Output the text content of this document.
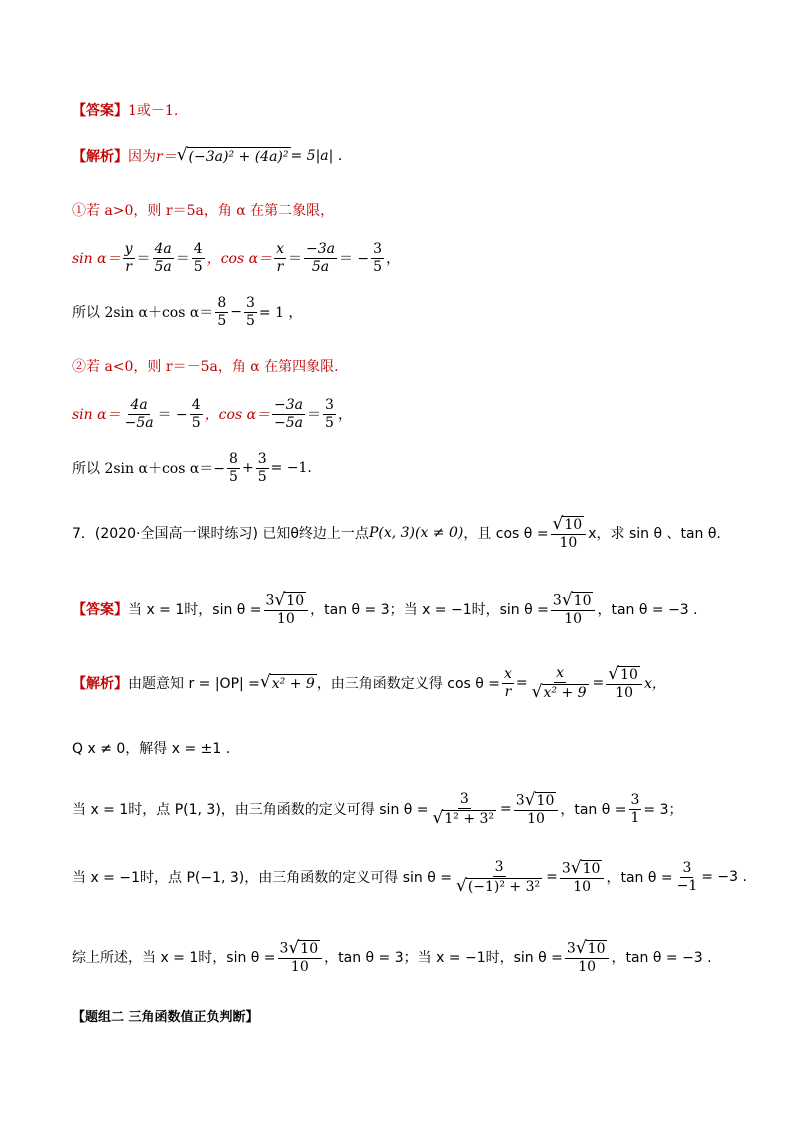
【答案】 1或－1.
【解析】 因为 r＝ √ (−3a)² + (4a)² = 5|a| .
①若 a>0，则 r＝5a，角 α 在第二象限，
$\sin \alpha= \frac{y}{r} = \frac{4a}{5a} = \frac{4}{5}$ ，$\cos \alpha= \frac{x}{r} = \frac{-3a}{5a}$ ＝ − $\frac{3}{5}$ ，
所以 2sin α＋cos $\alpha= \frac{8}{5} - \frac{3}{5} = 1$ ，
②若 a<0，则 r＝－5a，角 α 在第四象限.
$\sin \alpha= \frac{4a}{-5a}$ ＝ − $\frac{4}{5}$ ，$\cos \alpha= \frac{-3a}{-5a} = \frac{3}{5}$ ，
所以 2sin α＋cos $\alpha=- \frac{8}{5} + \frac{3}{5} = -1$.
7．(2020·全国高一课时练习) 已知θ终边上一点 P(x, 3)(x ≠ 0) ，且 $\cos \theta = \frac{√ 10}{10}$ x，求 sin θ 、tan θ.
【答案】 当 x = 1时，$\sin \theta = \frac{3 √ 10}{10}$ ，tan θ = 3；当 x = −1时，$\sin \theta = \frac{3 √ 10}{10}$ ，tan θ = −3 .
【解析】 由题意知 r = |OP| = √ x² + 9 ，由三角函数定义得 $\cos \theta = \frac{x}{r} = \frac{x}{\text{√ x² + 9}} = \frac{√ 10}{10}$ x，
Q x ≠ 0，解得 x = ±1 .
当 x = 1时，点 P(1, 3)，由三角函数的定义可得 $\sin \theta = \frac{3}{\text{√ 1² + 3²}} = \frac{3 √ 10}{10}$ ，$\tan \theta = \frac{3}{1} = 3$；
当 x = −1时，点 P(−1, 3)，由三角函数的定义可得 $\sin \theta = \frac{3}{\text{√ (−1)² + 3²}} = \frac{3 √ 10}{10}$ ，$\tan \theta = \frac{3}{-1} = -3$ .
综上所述，当 x = 1时，$\sin \theta = \frac{3 √ 10}{10}$ ，tan θ = 3；当 x = −1时，$\sin \theta = \frac{3 √ 10}{10}$ ，tan θ = −3 .
【题组二 三角函数值正负判断】
